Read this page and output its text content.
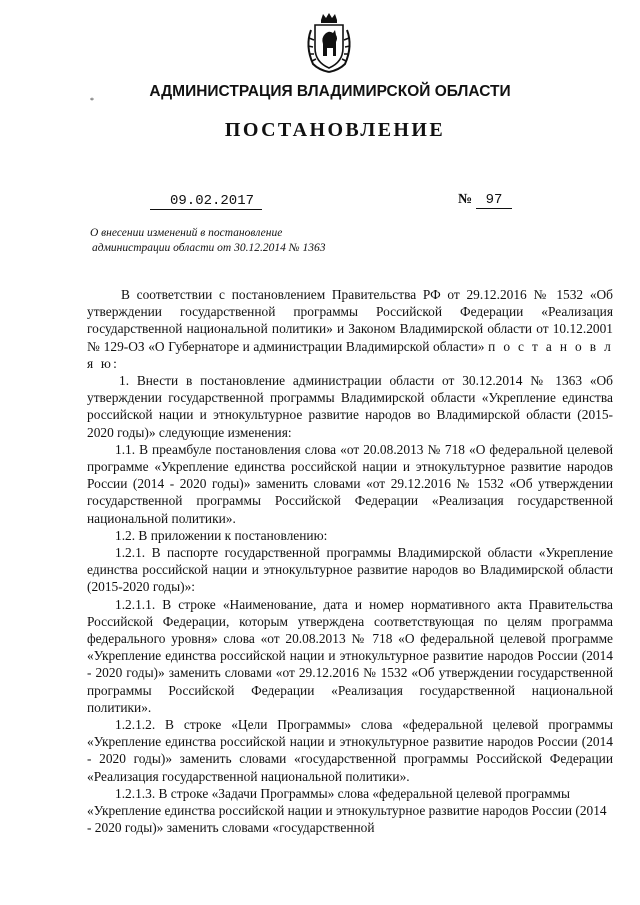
АДМИНИСТРАЦИЯ ВЛАДИМИРСКОЙ ОБЛАСТИ
*
ПОСТАНОВЛЕНИЕ
09.02.2017	№ 97
О внесении изменений в постановление
администрации области от 30.12.2014 № 1363

В соответствии с постановлением Правительства РФ от 29.12.2016 № 1532 «Об утверждении государственной программы Российской Федерации «Реализация государственной национальной политики» и Законом Владимирской области от 10.12.2001 № 129-ОЗ «О Губернаторе и администрации Владимирской области» п о с т а н о в л я ю:

1. Внести в постановление администрации области от 30.12.2014 № 1363 «Об утверждении государственной программы Владимирской области «Укрепление единства российской нации и этнокультурное развитие народов во Владимирской области (2015-2020 годы)» следующие изменения:

1.1. В преамбуле постановления слова «от 20.08.2013 № 718 «О федеральной целевой программе «Укрепление единства российской нации и этнокультурное развитие народов России (2014 - 2020 годы)» заменить словами «от 29.12.2016 № 1532 «Об утверждении государственной программы Российской Федерации «Реализация государственной национальной политики».

1.2. В приложении к постановлению:

1.2.1. В паспорте государственной программы Владимирской области «Укрепление единства российской нации и этнокультурное развитие народов во Владимирской области (2015-2020 годы)»:

1.2.1.1. В строке «Наименование, дата и номер нормативного акта Правительства Российской Федерации, которым утверждена соответствующая по целям программа федерального уровня» слова «от 20.08.2013 № 718 «О федеральной целевой программе «Укрепление единства российской нации и этнокультурное развитие народов России (2014 - 2020 годы)» заменить словами «от 29.12.2016 № 1532 «Об утверждении государственной программы Российской Федерации «Реализация государственной национальной политики».

1.2.1.2. В строке «Цели Программы» слова «федеральной целевой программы «Укрепление единства российской нации и этнокультурное развитие народов России (2014 - 2020 годы)» заменить словами «государственной программы Российской Федерации «Реализация государственной национальной политики».

1.2.1.3. В строке «Задачи Программы» слова «федеральной целевой программы «Укрепление единства российской нации и этнокультурное развитие народов России (2014 - 2020 годы)» заменить словами «государственной
